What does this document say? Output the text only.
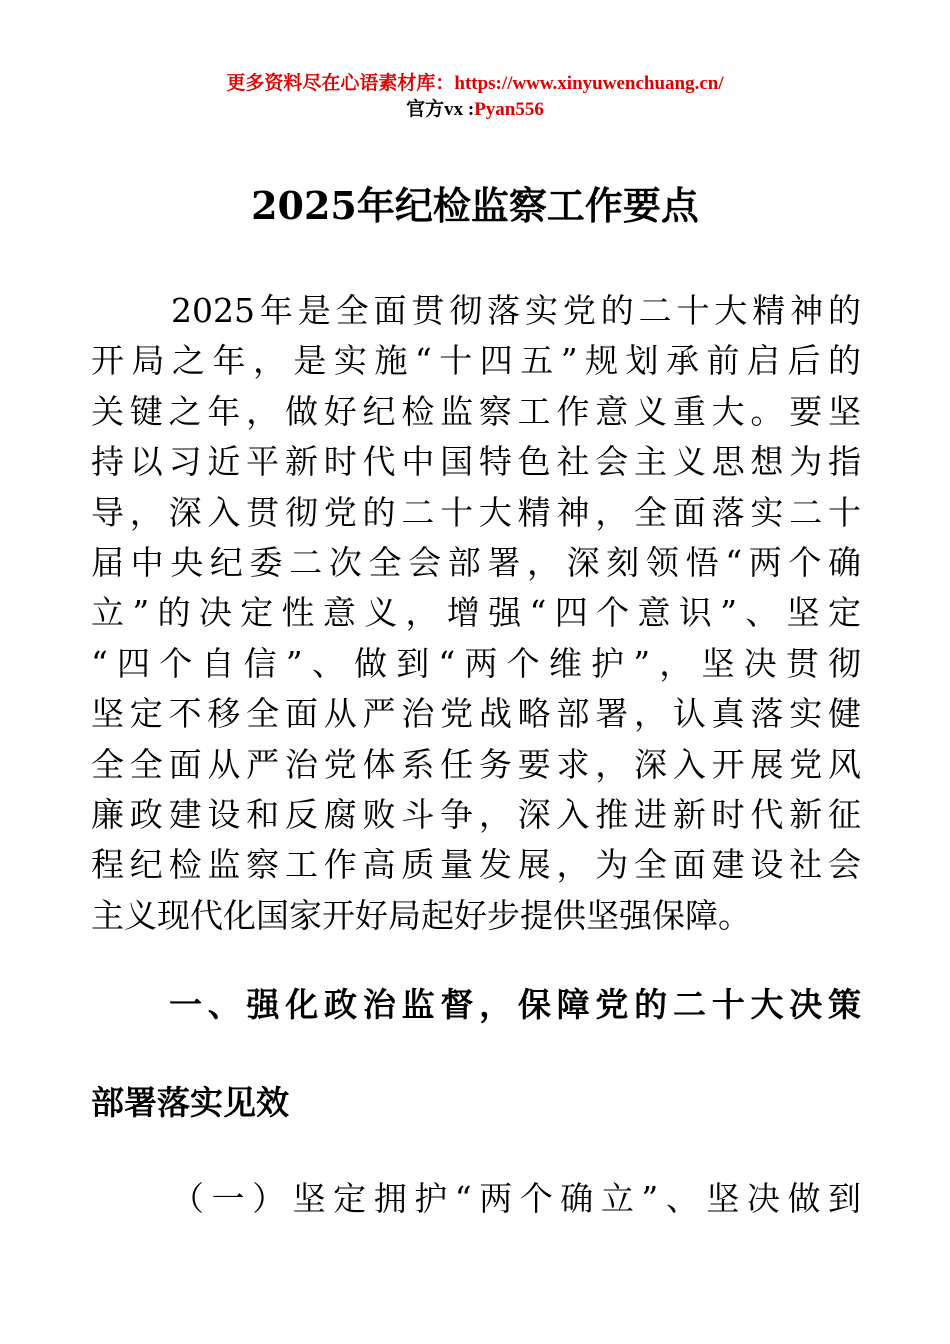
更多资料尽在心语素材库：https://www.xinyuwenchuang.cn/
官方vx :Pyan556
2025年纪检监察工作要点
2025年是全面贯彻落实党的二十大精神的
开局之年，是实施“十四五”规划承前启后的
关键之年，做好纪检监察工作意义重大。要坚
持以习近平新时代中国特色社会主义思想为指
导，深入贯彻党的二十大精神，全面落实二十
届中央纪委二次全会部署，深刻领悟“两个确
立”的决定性意义，增强“四个意识”、坚定
“四个自信”、做到“两个维护”，坚决贯彻
坚定不移全面从严治党战略部署，认真落实健
全全面从严治党体系任务要求，深入开展党风
廉政建设和反腐败斗争，深入推进新时代新征
程纪检监察工作高质量发展，为全面建设社会
主义现代化国家开好局起好步提供坚强保障。
一、强化政治监督，保障党的二十大决策
部署落实见效
（一）坚定拥护“两个确立”、坚决做到
